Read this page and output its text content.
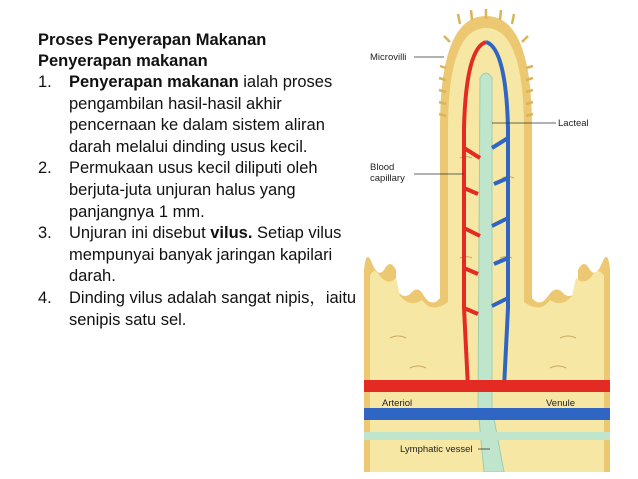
Proses Penyerapan Makanan

Penyerapan makanan

1. Penyerapan makanan ialah proses pengambilan hasil-hasil akhir pencernaan ke dalam sistem aliran darah melalui dinding usus kecil.
2. Permukaan usus kecil diliputi oleh berjuta-juta unjuran halus yang panjangnya 1 mm.
3. Unjuran ini disebut vilus. Setiap vilus mempunyai banyak jaringan kapilari darah.
4. Dinding vilus adalah sangat nipis，iaitu senipis satu sel.
Microvilli
Lacteal
Blood
capillary
Arteriol	Venule
Lymphatic vessel
